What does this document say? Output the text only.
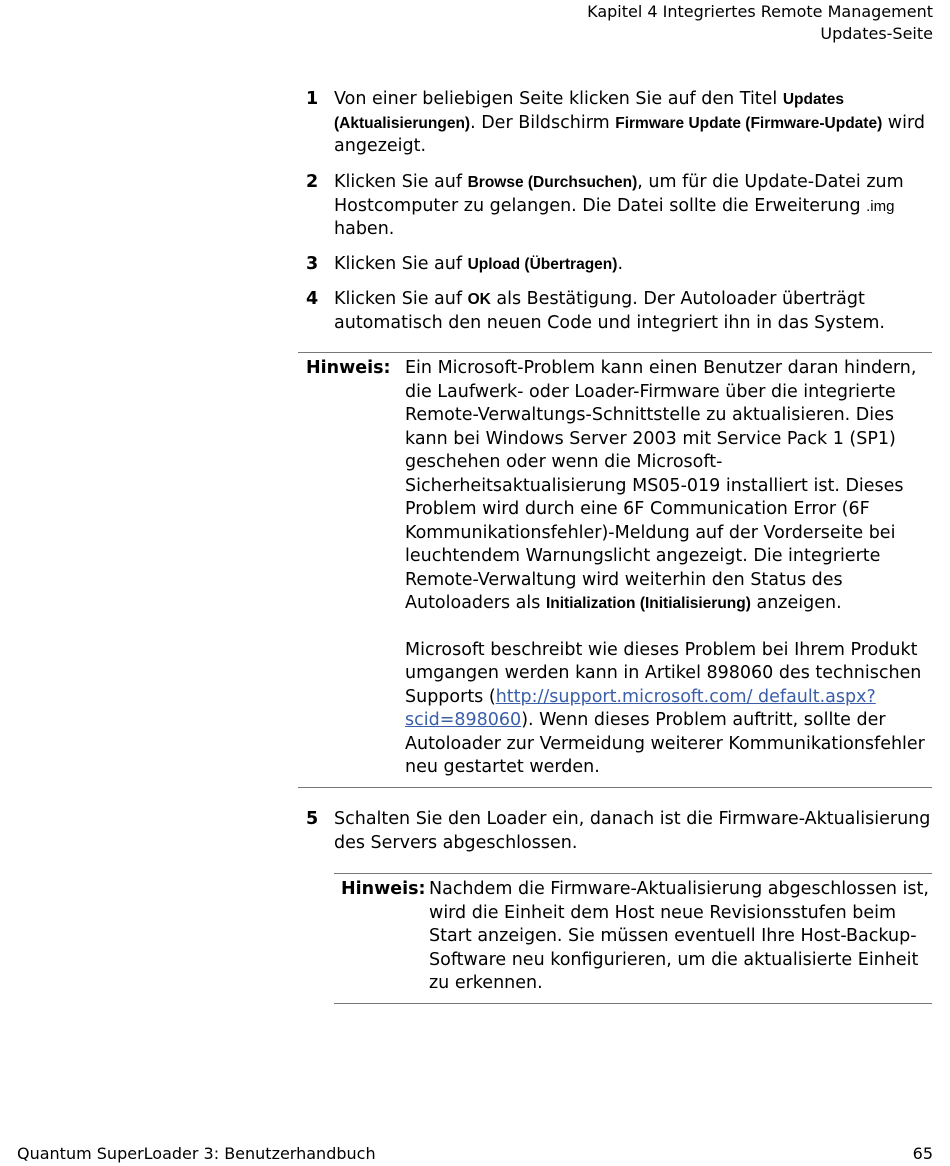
Kapitel 4 Integriertes Remote Management
Updates-Seite
1 Von einer beliebigen Seite klicken Sie auf den Titel Updates (Aktualisierungen). Der Bildschirm Firmware Update (Firmware-Update) wird angezeigt.
2 Klicken Sie auf Browse (Durchsuchen), um für die Update-Datei zum Hostcomputer zu gelangen. Die Datei sollte die Erweiterung .img haben.
3 Klicken Sie auf Upload (Übertragen).
4 Klicken Sie auf OK als Bestätigung. Der Autoloader überträgt automatisch den neuen Code und integriert ihn in das System.
Hinweis: Ein Microsoft-Problem kann einen Benutzer daran hindern, die Laufwerk- oder Loader-Firmware über die integrierte Remote-Verwaltungs-Schnittstelle zu aktualisieren. Dies kann bei Windows Server 2003 mit Service Pack 1 (SP1) geschehen oder wenn die Microsoft-Sicherheitsaktualisierung MS05-019 installiert ist. Dieses Problem wird durch eine 6F Communication Error (6F Kommunikationsfehler)-Meldung auf der Vorderseite bei leuchtendem Warnungslicht angezeigt. Die integrierte Remote-Verwaltung wird weiterhin den Status des Autoloaders als Initialization (Initialisierung) anzeigen.

Microsoft beschreibt wie dieses Problem bei Ihrem Produkt umgangen werden kann in Artikel 898060 des technischen Supports (http://support.microsoft.com/ default.aspx?scid=898060). Wenn dieses Problem auftritt, sollte der Autoloader zur Vermeidung weiterer Kommunikationsfehler neu gestartet werden.

5 Schalten Sie den Loader ein, danach ist die Firmware-Aktualisierung des Servers abgeschlossen.
Hinweis: Nachdem die Firmware-Aktualisierung abgeschlossen ist, wird die Einheit dem Host neue Revisionsstufen beim Start anzeigen. Sie müssen eventuell Ihre Host-Backup-Software neu konfigurieren, um die aktualisierte Einheit zu erkennen.

Quantum SuperLoader 3: Benutzerhandbuch	65
